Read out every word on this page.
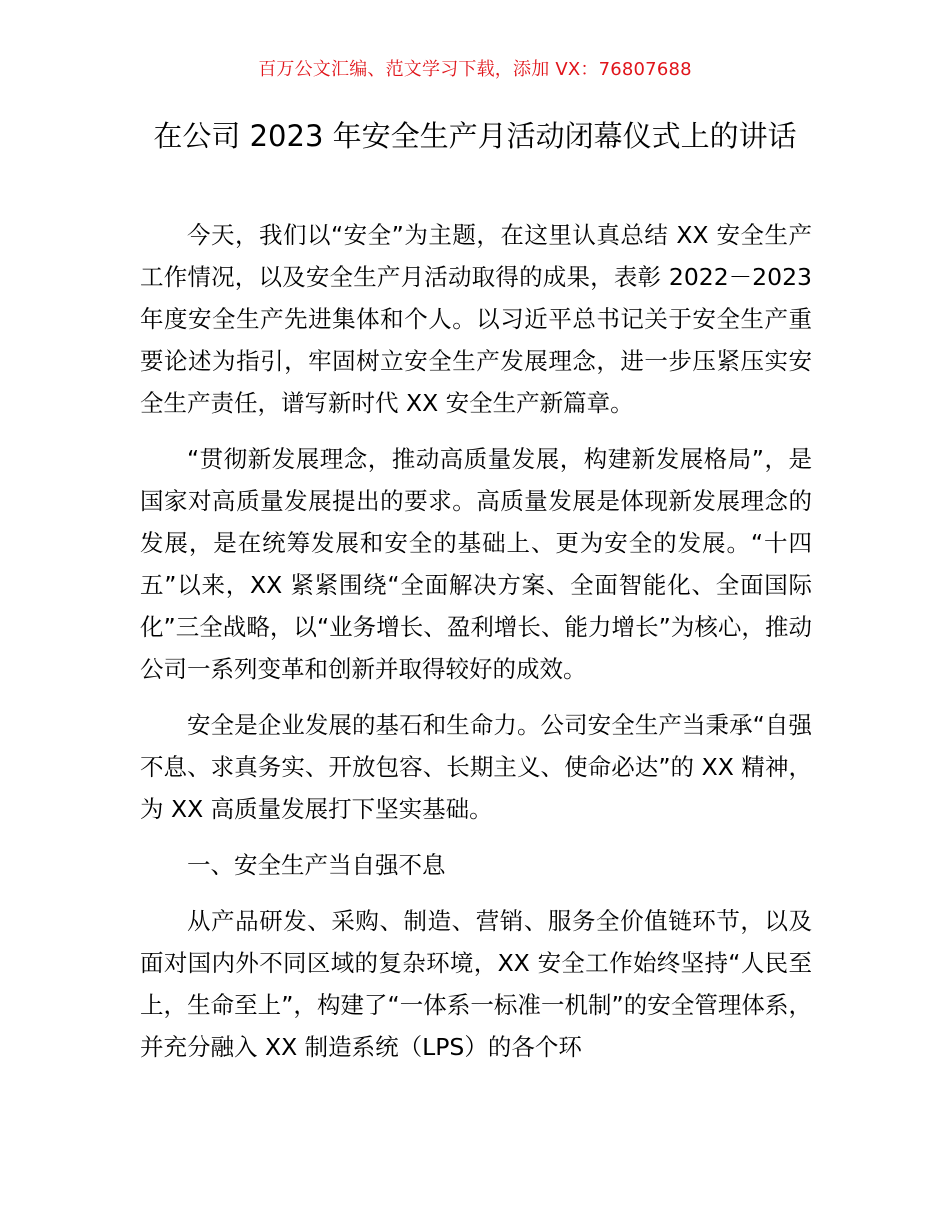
百万公文汇编、范文学习下载，添加 VX：76807688
在公司 2023 年安全生产月活动闭幕仪式上的讲话

今天，我们以“安全”为主题，在这里认真总结 XX 安全生产工作情况，以及安全生产月活动取得的成果，表彰 2022－2023 年度安全生产先进集体和个人。以习近平总书记关于安全生产重要论述为指引，牢固树立安全生产发展理念，进一步压紧压实安全生产责任，谱写新时代 XX 安全生产新篇章。

“贯彻新发展理念，推动高质量发展，构建新发展格局”，是国家对高质量发展提出的要求。高质量发展是体现新发展理念的发展，是在统筹发展和安全的基础上、更为安全的发展。“十四五”以来，XX 紧紧围绕“全面解决方案、全面智能化、全面国际化”三全战略，以“业务增长、盈利增长、能力增长”为核心，推动公司一系列变革和创新并取得较好的成效。

安全是企业发展的基石和生命力。公司安全生产当秉承“自强不息、求真务实、开放包容、长期主义、使命必达”的 XX 精神，为 XX 高质量发展打下坚实基础。

一、安全生产当自强不息

从产品研发、采购、制造、营销、服务全价值链环节，以及面对国内外不同区域的复杂环境，XX 安全工作始终坚持“人民至上，生命至上”，构建了“一体系一标准一机制”的安全管理体系，并充分融入 XX 制造系统（LPS）的各个环
